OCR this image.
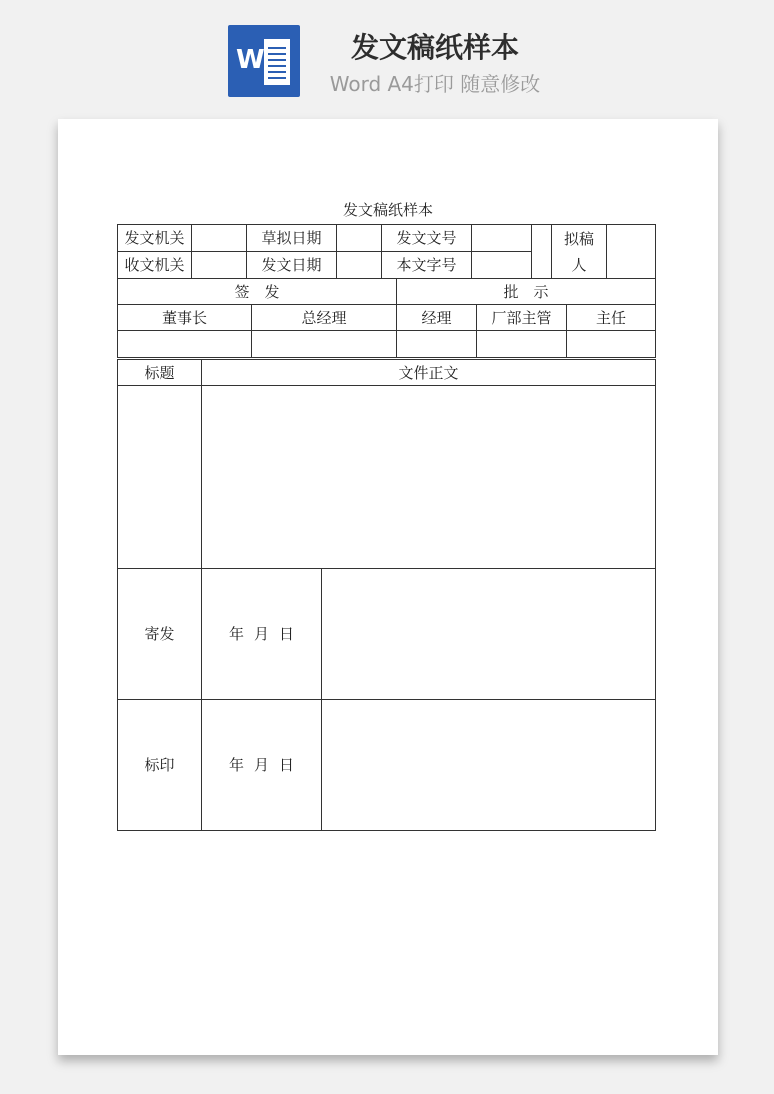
W	发文稿纸样本
Word A4打印 随意修改
发文稿纸样本
发文机关	草拟日期	发文文号	拟稿
人
收文机关	发文日期	本文字号
签　发	批　示
董事长	总经理	经理	厂部主管	主任
标题	文件正文
寄发	年 月 日
标印	年 月 日
